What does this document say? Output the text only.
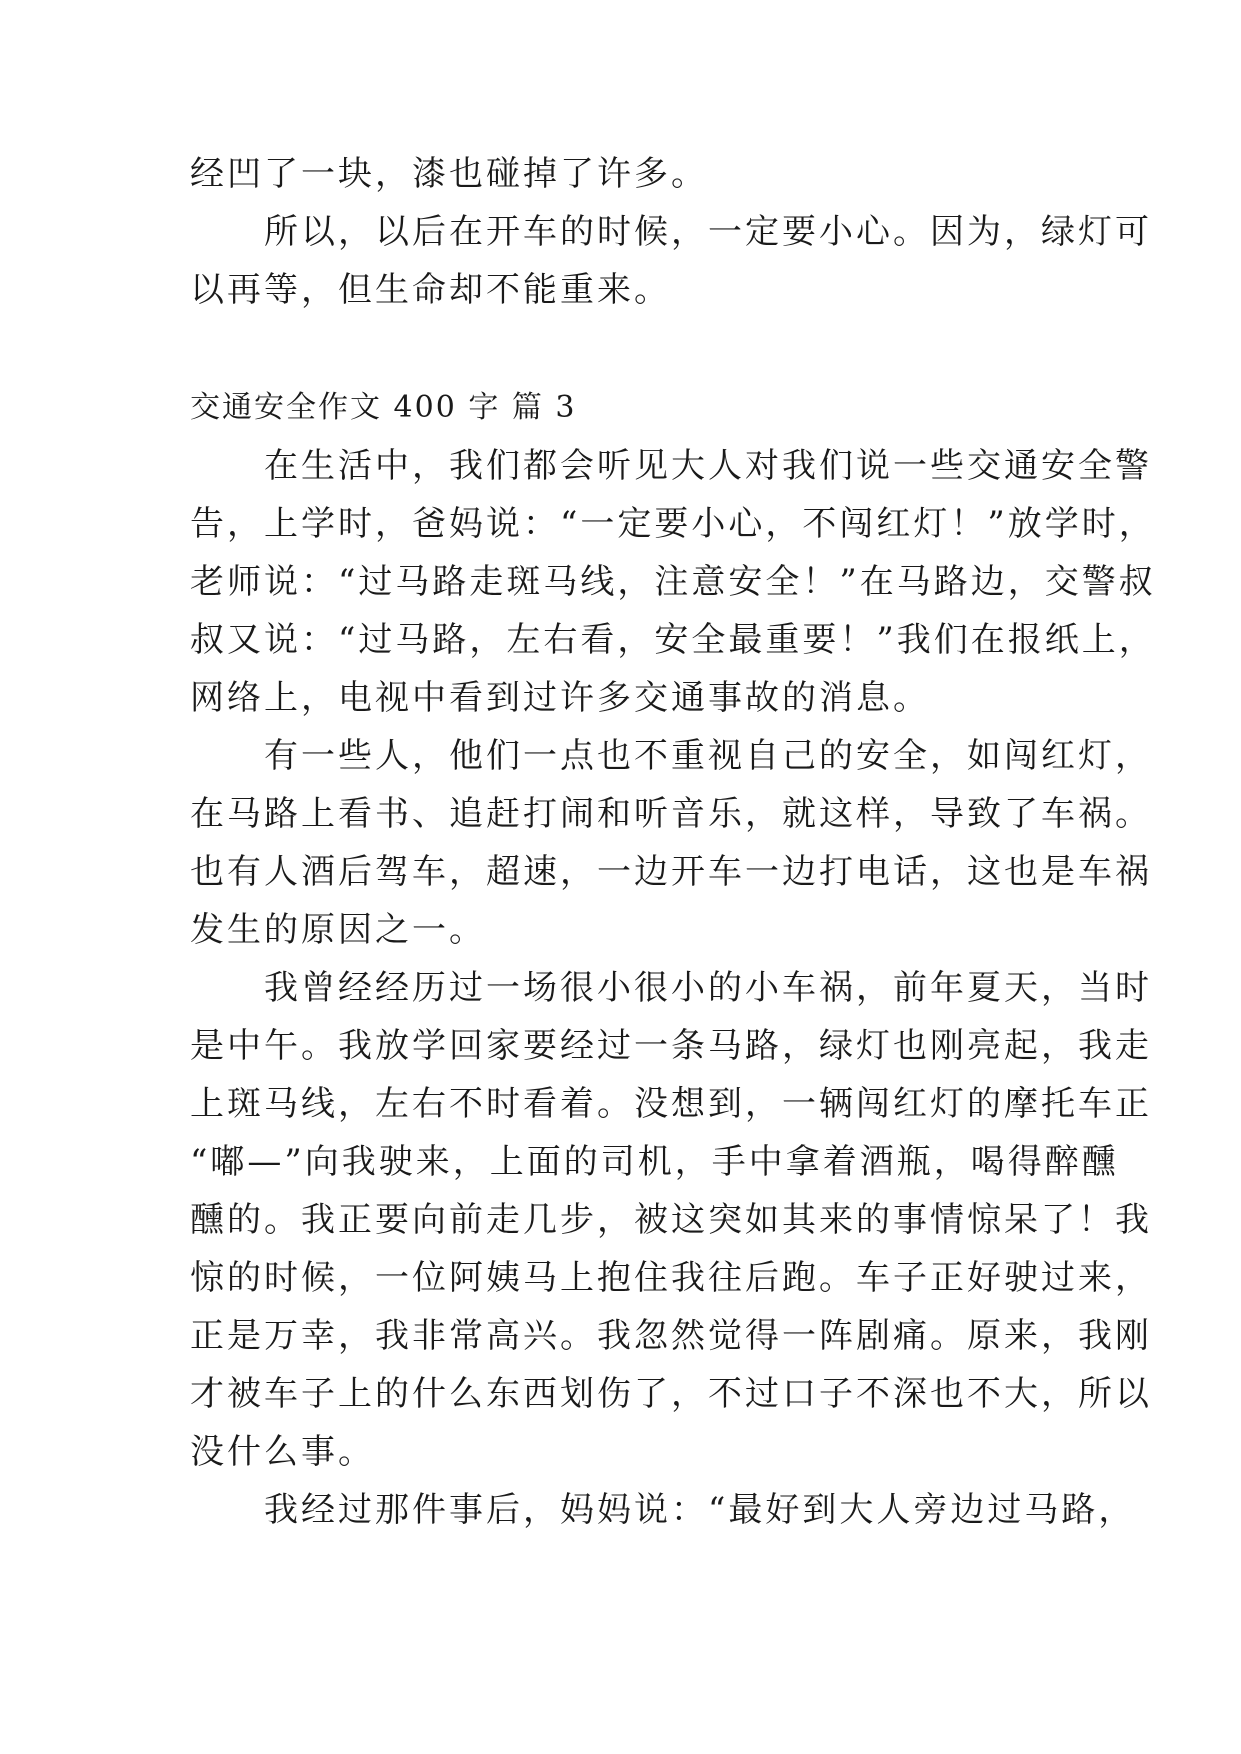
经凹了一块，漆也碰掉了许多。
　　所以，以后在开车的时候，一定要小心。因为，绿灯可
以再等，但生命却不能重来。
交通安全作文 400 字 篇 3
　　在生活中，我们都会听见大人对我们说一些交通安全警
告，上学时，爸妈说：“一定要小心，不闯红灯！”放学时，
老师说：“过马路走斑马线，注意安全！”在马路边，交警叔
叔又说：“过马路，左右看，安全最重要！”我们在报纸上，
网络上，电视中看到过许多交通事故的消息。
　　有一些人，他们一点也不重视自己的安全，如闯红灯，
在马路上看书、追赶打闹和听音乐，就这样，导致了车祸。
也有人酒后驾车，超速，一边开车一边打电话，这也是车祸
发生的原因之一。
　　我曾经经历过一场很小很小的小车祸，前年夏天，当时
是中午。我放学回家要经过一条马路，绿灯也刚亮起，我走
上斑马线，左右不时看着。没想到，一辆闯红灯的摩托车正
“嘟—”向我驶来，上面的司机，手中拿着酒瓶，喝得醉醺
醺的。我正要向前走几步，被这突如其来的事情惊呆了！我
惊的时候，一位阿姨马上抱住我往后跑。车子正好驶过来，
正是万幸，我非常高兴。我忽然觉得一阵剧痛。原来，我刚
才被车子上的什么东西划伤了，不过口子不深也不大，所以
没什么事。
　　我经过那件事后，妈妈说：“最好到大人旁边过马路，
